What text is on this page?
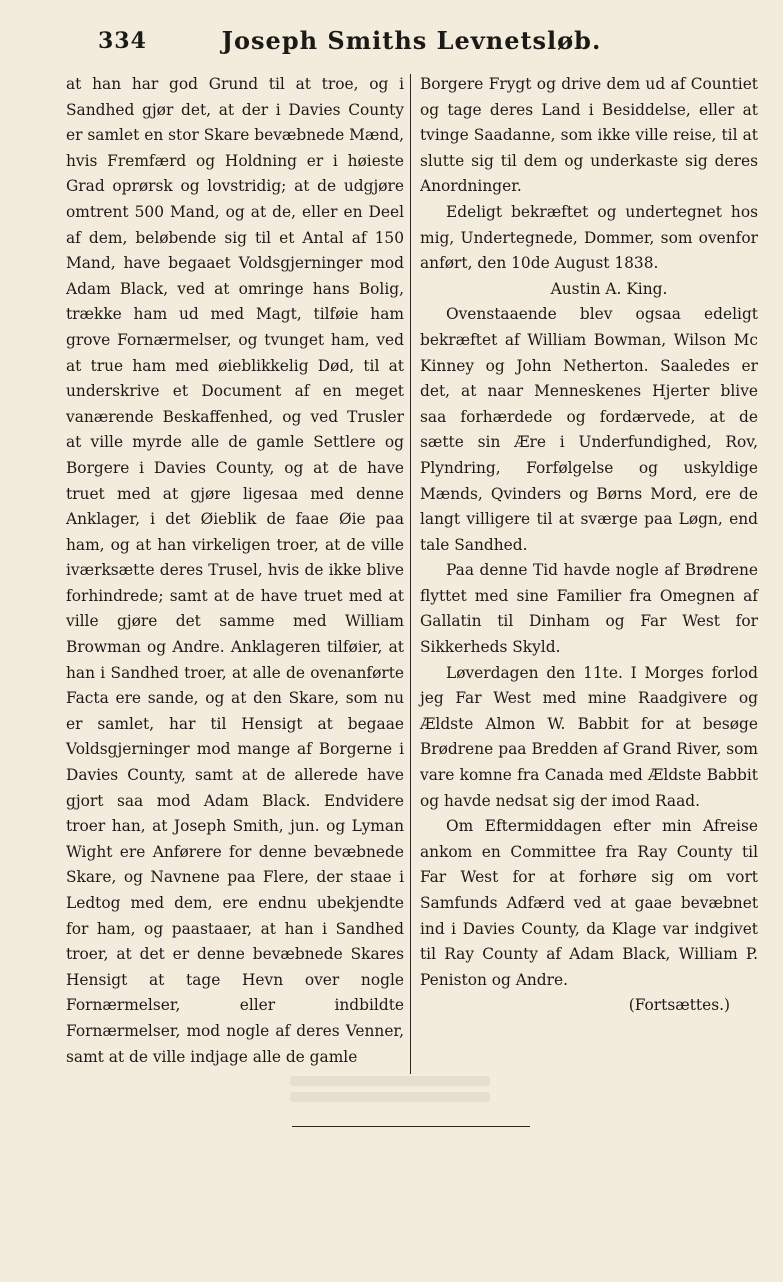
334	Joseph Smiths Levnetsløb.

at han har god Grund til at troe, og i Sandhed gjør det, at der i Davies County er samlet en stor Skare bevæbnede Mænd, hvis Fremfærd og Holdning er i høieste Grad oprørsk og lovstridig; at de udgjøre omtrent 500 Mand, og at de, eller en Deel af dem, beløbende sig til et Antal af 150 Mand, have begaaet Voldsgjerninger mod Adam Black, ved at omringe hans Bolig, trække ham ud med Magt, tilføie ham grove Fornærmelser, og tvunget ham, ved at true ham med øieblikkelig Død, til at underskrive et Document af en meget vanærende Beskaffenhed, og ved Trusler at ville myrde alle de gamle Settlere og Borgere i Davies County, og at de have truet med at gjøre ligesaa med denne Anklager, i det Øieblik de faae Øie paa ham, og at han virkeligen troer, at de ville iværksætte deres Trusel, hvis de ikke blive forhindrede; samt at de have truet med at ville gjøre det samme med William Browman og Andre. Anklageren tilføier, at han i Sandhed troer, at alle de ovenanførte Facta ere sande, og at den Skare, som nu er samlet, har til Hensigt at begaae Voldsgjerninger mod mange af Borgerne i Davies County, samt at de allerede have gjort saa mod Adam Black. Endvidere troer han, at Joseph Smith, jun. og Lyman Wight ere Anførere for denne bevæbnede Skare, og Navnene paa Flere, der staae i Ledtog med dem, ere endnu ubekjendte for ham, og paastaaer, at han i Sandhed troer, at det er denne bevæbnede Skares Hensigt at tage Hevn over nogle Fornærmelser, eller indbildte Fornærmelser, mod nogle af deres Venner, samt at de ville indjage alle de gamle

Borgere Frygt og drive dem ud af Countiet og tage deres Land i Besiddelse, eller at tvinge Saadanne, som ikke ville reise, til at slutte sig til dem og underkaste sig deres Anordninger.

Edeligt bekræftet og undertegnet hos mig, Undertegnede, Dommer, som ovenfor anført, den 10de August 1838.

Austin A. King.

Ovenstaaende blev ogsaa edeligt bekræftet af William Bowman, Wilson Mc Kinney og John Netherton. Saaledes er det, at naar Menneskenes Hjerter blive saa forhærdede og fordærvede, at de sætte sin Ære i Underfundighed, Rov, Plyndring, Forfølgelse og uskyldige Mænds, Qvinders og Børns Mord, ere de langt villigere til at sværge paa Løgn, end tale Sandhed.

Paa denne Tid havde nogle af Brødrene flyttet med sine Familier fra Omegnen af Gallatin til Dinham og Far West for Sikkerheds Skyld.

Løverdagen den 11te. I Morges forlod jeg Far West med mine Raadgivere og Ældste Almon W. Babbit for at besøge Brødrene paa Bredden af Grand River, som vare komne fra Canada med Ældste Babbit og havde nedsat sig der imod Raad.

Om Eftermiddagen efter min Afreise ankom en Committee fra Ray County til Far West for at forhøre sig om vort Samfunds Adfærd ved at gaae bevæbnet ind i Davies County, da Klage var indgivet til Ray County af Adam Black, William P. Peniston og Andre.

(Fortsættes.)
